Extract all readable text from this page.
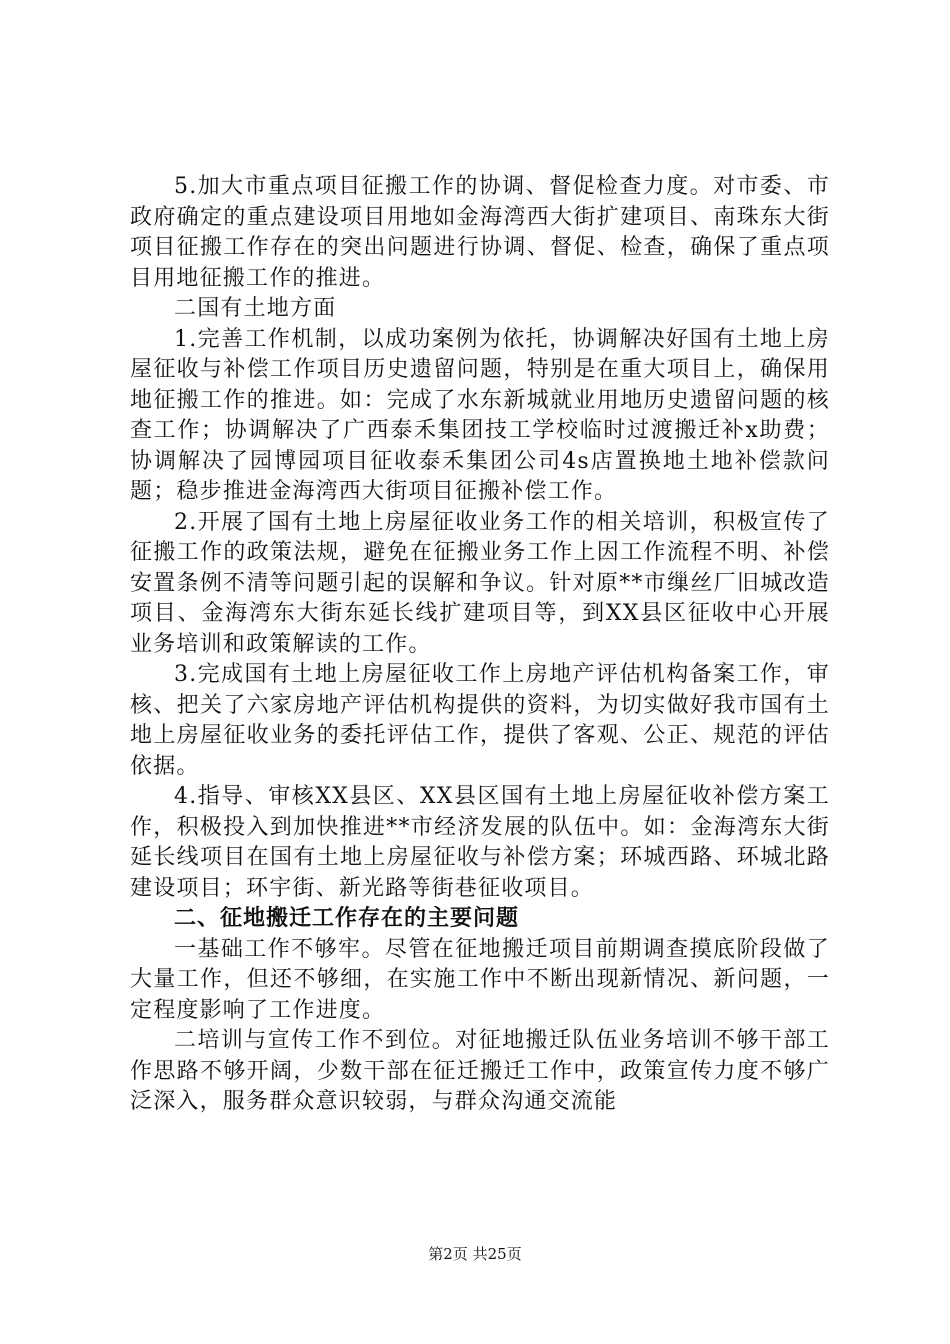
5.加大市重点项目征搬工作的协调、督促检查力度。对市委、市政府确定的重点建设项目用地如金海湾西大街扩建项目、南珠东大街项目征搬工作存在的突出问题进行协调、督促、检查，确保了重点项目用地征搬工作的推进。

二国有土地方面

1.完善工作机制，以成功案例为依托，协调解决好国有土地上房屋征收与补偿工作项目历史遗留问题，特别是在重大项目上，确保用地征搬工作的推进。如：完成了水东新城就业用地历史遗留问题的核查工作；协调解决了广西泰禾集团技工学校临时过渡搬迁补x助费；协调解决了园博园项目征收泰禾集团公司4s店置换地土地补偿款问题；稳步推进金海湾西大街项目征搬补偿工作。

2.开展了国有土地上房屋征收业务工作的相关培训，积极宣传了征搬工作的政策法规，避免在征搬业务工作上因工作流程不明、补偿安置条例不清等问题引起的误解和争议。针对原**市缫丝厂旧城改造项目、金海湾东大街东延长线扩建项目等，到XX县区征收中心开展业务培训和政策解读的工作。

3.完成国有土地上房屋征收工作上房地产评估机构备案工作，审核、把关了六家房地产评估机构提供的资料，为切实做好我市国有土地上房屋征收业务的委托评估工作，提供了客观、公正、规范的评估依据。

4.指导、审核XX县区、XX县区国有土地上房屋征收补偿方案工作，积极投入到加快推进**市经济发展的队伍中。如：金海湾东大街延长线项目在国有土地上房屋征收与补偿方案；环城西路、环城北路建设项目；环宇街、新光路等街巷征收项目。

二、征地搬迁工作存在的主要问题

一基础工作不够牢。尽管在征地搬迁项目前期调查摸底阶段做了大量工作，但还不够细，在实施工作中不断出现新情况、新问题，一定程度影响了工作进度。

二培训与宣传工作不到位。对征地搬迁队伍业务培训不够干部工作思路不够开阔，少数干部在征迁搬迁工作中，政策宣传力度不够广泛深入，服务群众意识较弱，与群众沟通交流能

第2页 共25页
